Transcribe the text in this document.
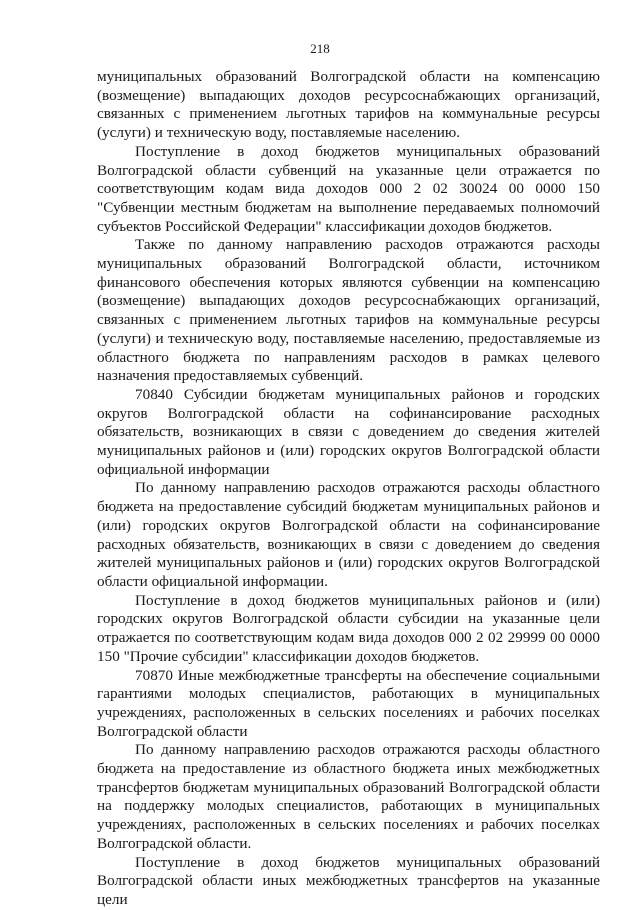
218

муниципальных образований Волгоградской области на компенсацию (возмещение) выпадающих доходов ресурсоснабжающих организаций, связанных с применением льготных тарифов на коммунальные ресурсы (услуги) и техническую воду, поставляемые населению.

Поступление в доход бюджетов муниципальных образований Волгоградской области субвенций на указанные цели отражается по соответствующим кодам вида доходов 000 2 02 30024 00 0000 150 "Субвенции местным бюджетам на выполнение передаваемых полномочий субъектов Российской Федерации" классификации доходов бюджетов.

Также по данному направлению расходов отражаются расходы муниципальных образований Волгоградской области, источником финансового обеспечения которых являются субвенции на компенсацию (возмещение) выпадающих доходов ресурсоснабжающих организаций, связанных с применением льготных тарифов на коммунальные ресурсы (услуги) и техническую воду, поставляемые населению, предоставляемые из областного бюджета по направлениям расходов в рамках целевого назначения предоставляемых субвенций.

70840 Субсидии бюджетам муниципальных районов и городских округов Волгоградской области на софинансирование расходных обязательств, возникающих в связи с доведением до сведения жителей муниципальных районов и (или) городских округов Волгоградской области официальной информации

По данному направлению расходов отражаются расходы областного бюджета на предоставление субсидий бюджетам муниципальных районов и (или) городских округов Волгоградской области на софинансирование расходных обязательств, возникающих в связи с доведением до сведения жителей муниципальных районов и (или) городских округов Волгоградской области официальной информации.

Поступление в доход бюджетов муниципальных районов и (или) городских округов Волгоградской области субсидии на указанные цели отражается по соответствующим кодам вида доходов 000 2 02 29999 00 0000 150 "Прочие субсидии" классификации доходов бюджетов.

70870 Иные межбюджетные трансферты на обеспечение социальными гарантиями молодых специалистов, работающих в муниципальных учреждениях, расположенных в сельских поселениях и рабочих поселках Волгоградской области

По данному направлению расходов отражаются расходы областного бюджета на предоставление из областного бюджета иных межбюджетных трансфертов бюджетам муниципальных образований Волгоградской области на поддержку молодых специалистов, работающих в муниципальных учреждениях, расположенных в сельских поселениях и рабочих поселках Волгоградской области.

Поступление в доход бюджетов муниципальных образований Волгоградской области иных межбюджетных трансфертов на указанные цели
